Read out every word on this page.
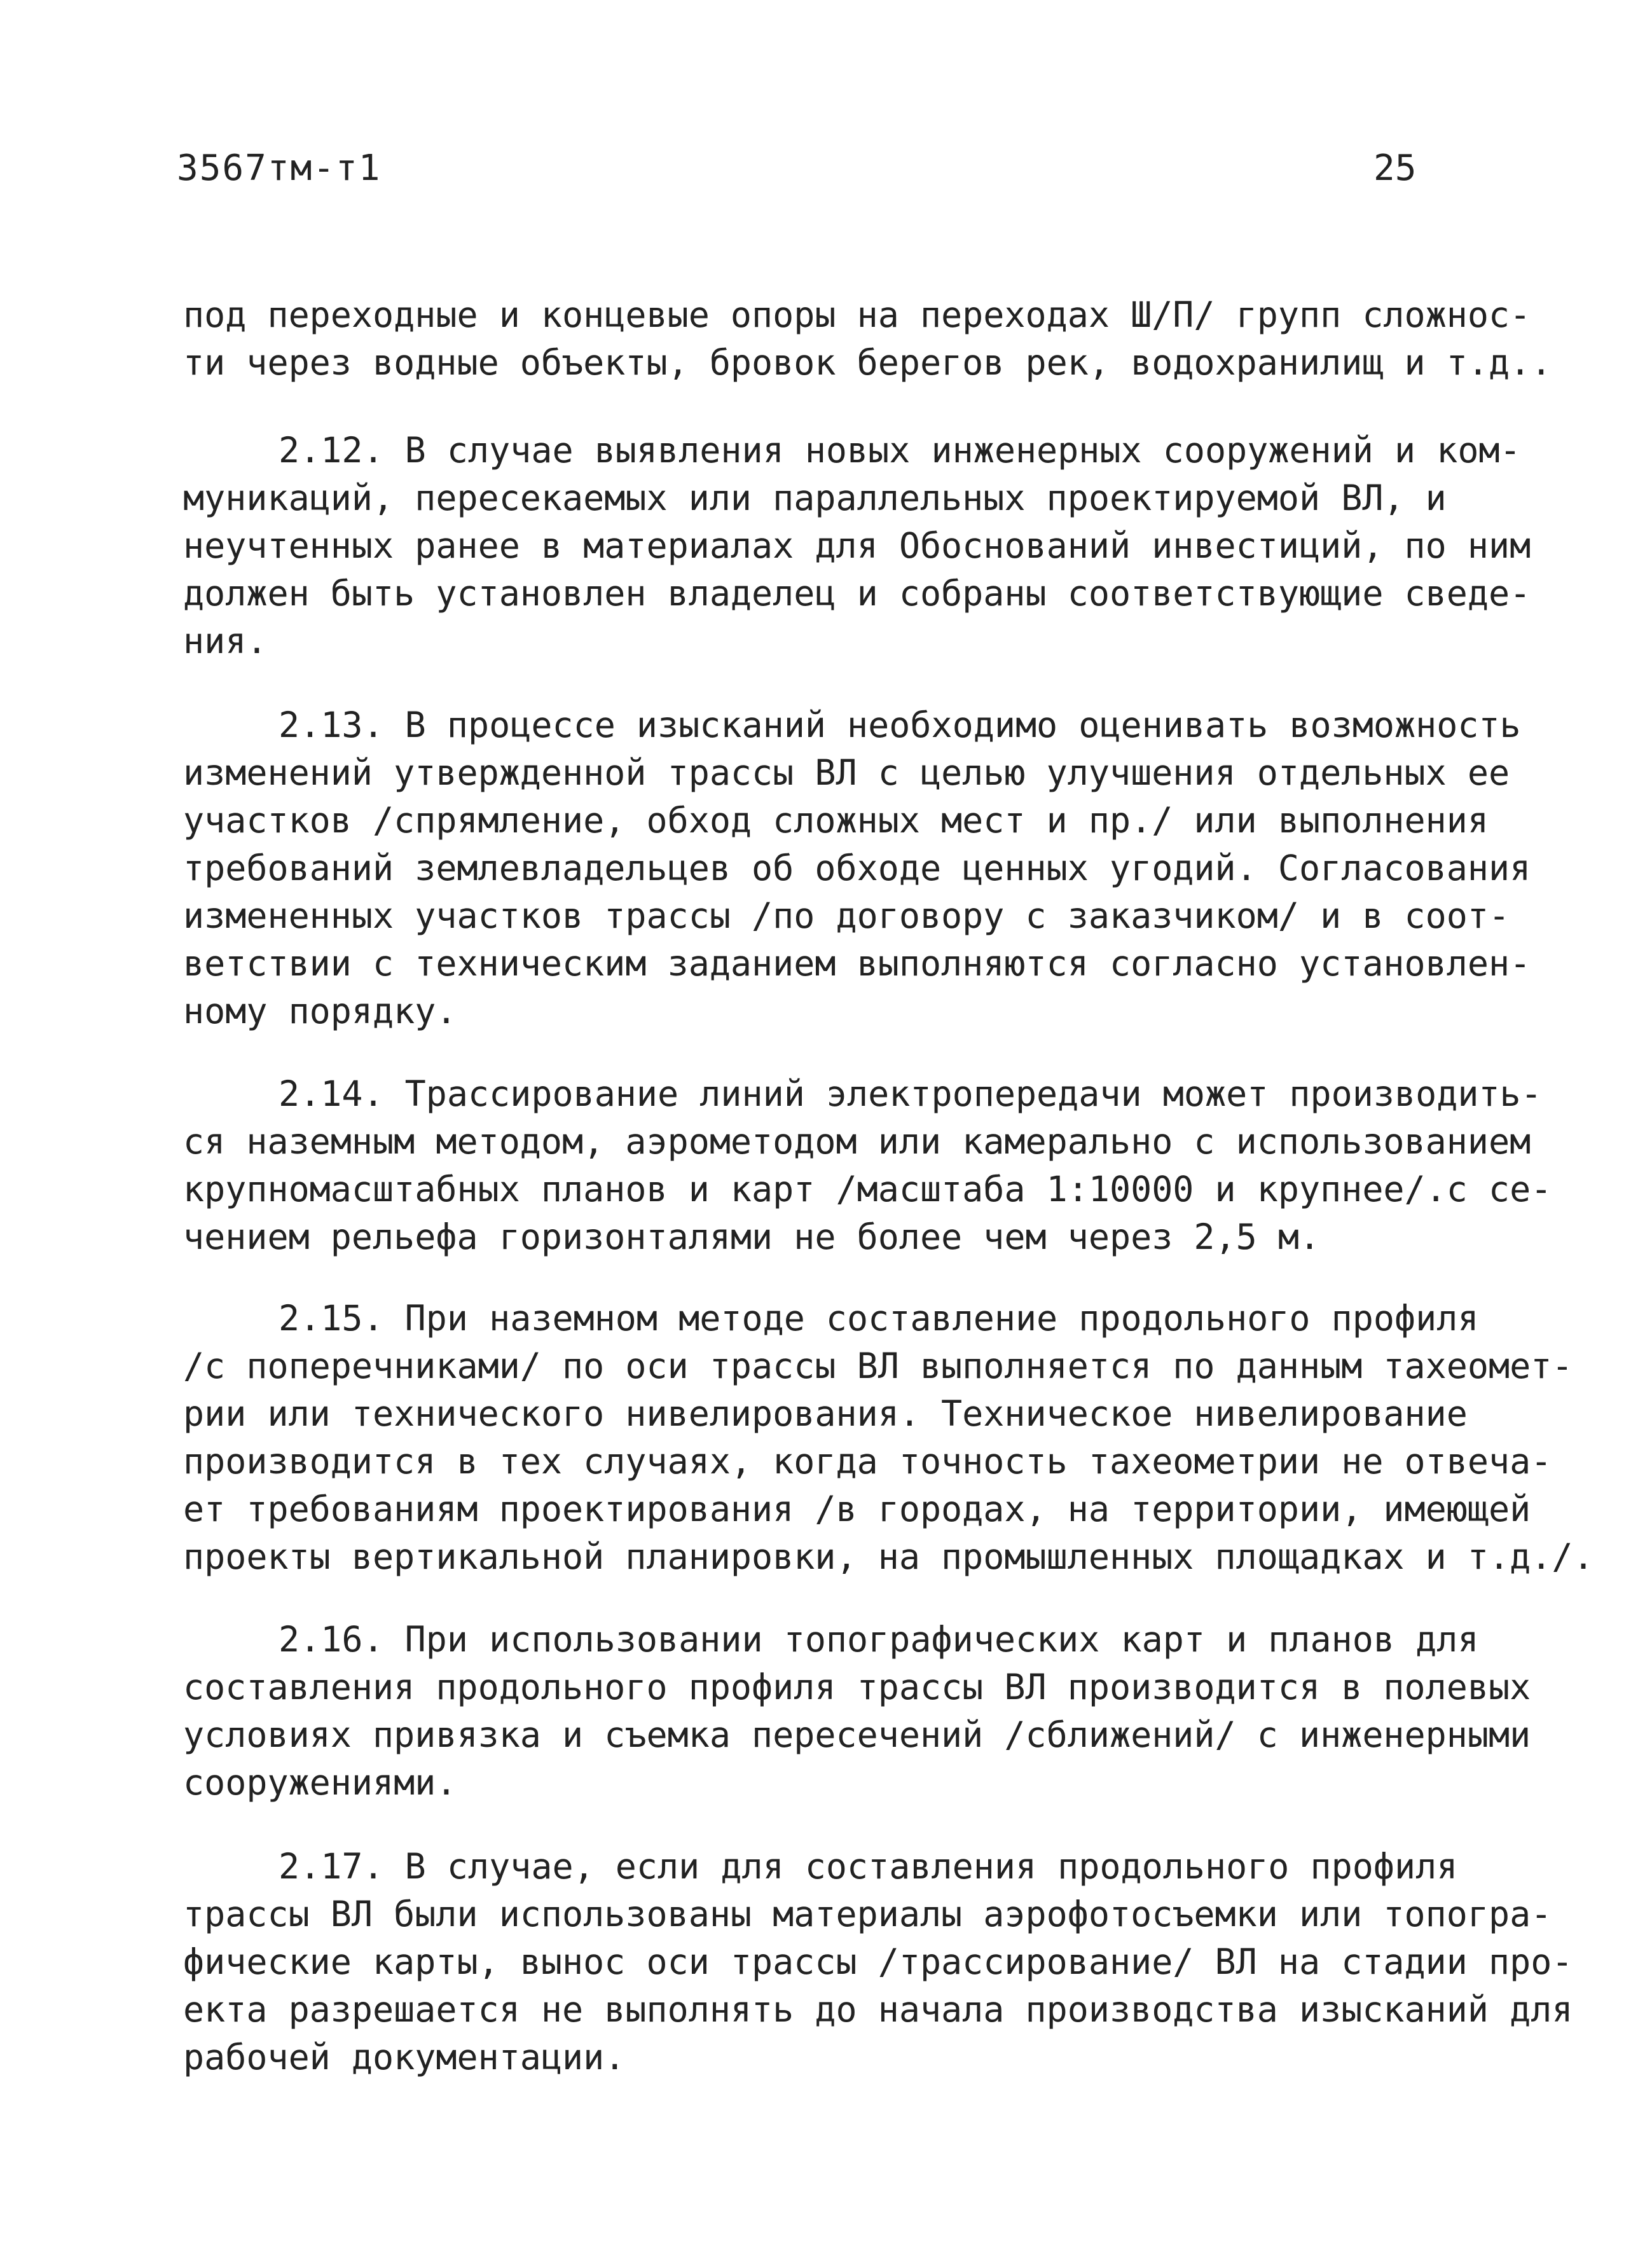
3567тм-т1	25
под переходные и концевые опоры на переходах Ш/П/ групп сложнос-
ти через водные объекты, бровок берегов рек, водохранилищ и т.д..
2.12. В случае выявления новых инженерных сооружений и ком-
муникаций, пересекаемых или параллельных проектируемой ВЛ, и
неучтенных ранее в материалах для Обоснований инвестиций, по ним
должен быть установлен владелец и собраны соответствующие сведе-
ния.
2.13. В процессе изысканий необходимо оценивать возможность
изменений утвержденной трассы ВЛ с целью улучшения отдельных ее
участков /спрямление, обход сложных мест и пр./ или выполнения
требований землевладельцев об обходе ценных угодий. Согласования
измененных участков трассы /по договору с заказчиком/ и в соот-
ветствии с техническим заданием выполняются согласно установлен-
ному порядку.
2.14. Трассирование линий электропередачи может производить-
ся наземным методом, аэрометодом или камерально с использованием
крупномасштабных планов и карт /масштаба 1:10000 и крупнее/.с се-
чением рельефа горизонталями не более чем через 2,5 м.
2.15. При наземном методе составление продольного профиля
/с поперечниками/ по оси трассы ВЛ выполняется по данным тахеомет-
рии или технического нивелирования. Техническое нивелирование
производится в тех случаях, когда точность тахеометрии не отвеча-
ет требованиям проектирования /в городах, на территории, имеющей
проекты вертикальной планировки, на промышленных площадках и т.д./.
2.16. При использовании топографических карт и планов для
составления продольного профиля трассы ВЛ производится в полевых
условиях привязка и съемка пересечений /сближений/ с инженерными
сооружениями.
2.17. В случае, если для составления продольного профиля
трассы ВЛ были использованы материалы аэрофотосъемки или топогра-
фические карты, вынос оси трассы /трассирование/ ВЛ на стадии про-
екта разрешается не выполнять до начала производства изысканий для
рабочей документации.
